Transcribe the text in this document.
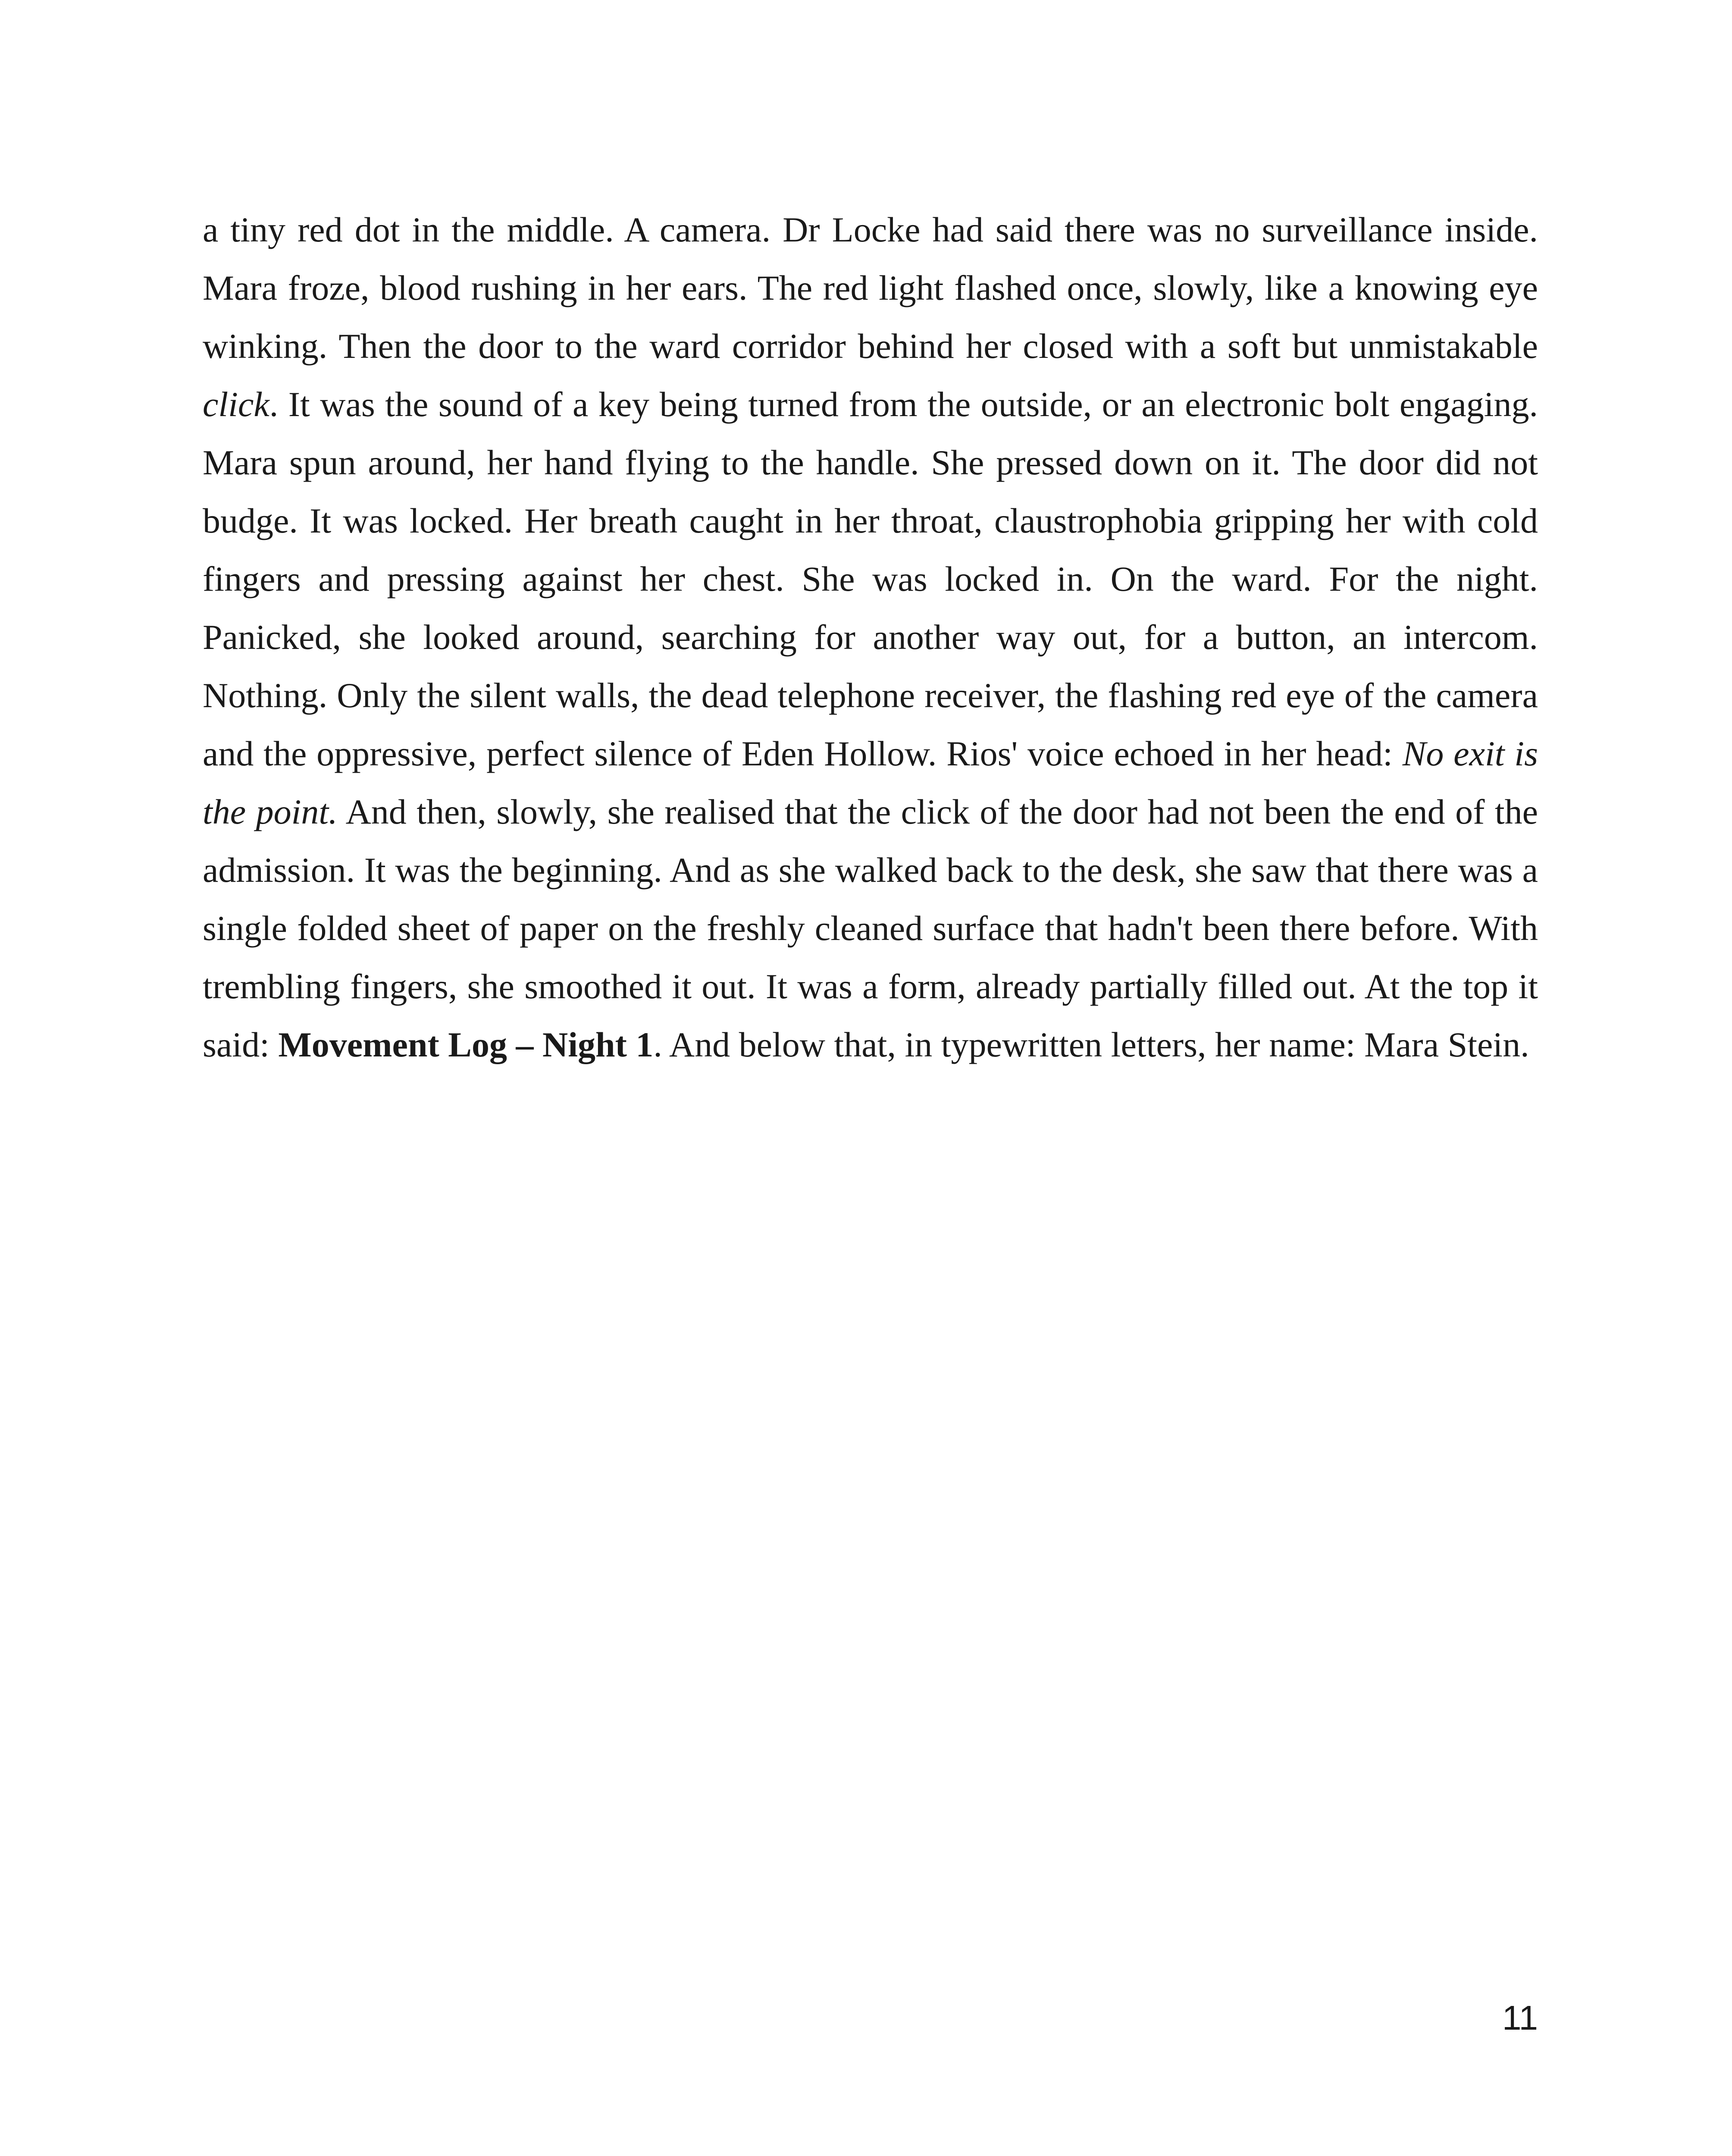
a tiny red dot in the middle. A camera. Dr Locke had said there was no surveillance inside. Mara froze, blood rushing in her ears. The red light flashed once, slowly, like a knowing eye winking. Then the door to the ward corridor behind her closed with a soft but unmistakable click. It was the sound of a key being turned from the outside, or an electronic bolt engaging. Mara spun around, her hand flying to the handle. She pressed down on it. The door did not budge. It was locked. Her breath caught in her throat, claustrophobia gripping her with cold fingers and pressing against her chest. She was locked in. On the ward. For the night. Panicked, she looked around, searching for another way out, for a button, an intercom. Nothing. Only the silent walls, the dead telephone receiver, the flashing red eye of the camera and the oppressive, perfect silence of Eden Hollow. Rios' voice echoed in her head: No exit is the point. And then, slowly, she realised that the click of the door had not been the end of the admission. It was the beginning. And as she walked back to the desk, she saw that there was a single folded sheet of paper on the freshly cleaned surface that hadn't been there before. With trembling fingers, she smoothed it out. It was a form, already partially filled out. At the top it said: Movement Log – Night 1. And below that, in typewritten letters, her name: Mara Stein.

11
